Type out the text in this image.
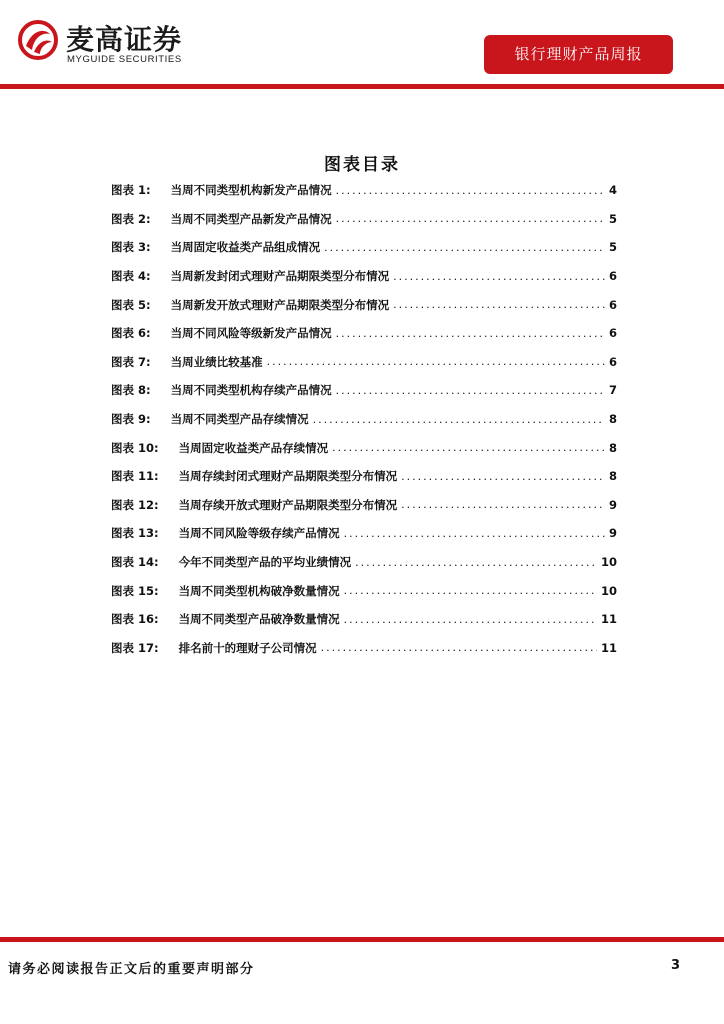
麦高证券
MYGUIDE SECURITIES	银行理财产品周报
图表目录
图表 1: 当周不同类型机构新发产品情况 .....	4
图表 2: 当周不同类型产品新发产品情况 .....	5
图表 3: 当周固定收益类产品组成情况 .....	5
图表 4: 当周新发封闭式理财产品期限类型分布情况 .....	6
图表 5: 当周新发开放式理财产品期限类型分布情况 .....	6
图表 6: 当周不同风险等级新发产品情况 .....	6
图表 7: 当周业绩比较基准 .....	6
图表 8: 当周不同类型机构存续产品情况 .....	7
图表 9: 当周不同类型产品存续情况 .....	8
图表 10: 当周固定收益类产品存续情况 .....	8
图表 11: 当周存续封闭式理财产品期限类型分布情况 .....	8
图表 12: 当周存续开放式理财产品期限类型分布情况 .....	9
图表 13: 当周不同风险等级存续产品情况 .....	9
图表 14: 今年不同类型产品的平均业绩情况 .....	10
图表 15: 当周不同类型机构破净数量情况 .....	10
图表 16: 当周不同类型产品破净数量情况 .....	11
图表 17: 排名前十的理财子公司情况 .....	11
请务必阅读报告正文后的重要声明部分	3
